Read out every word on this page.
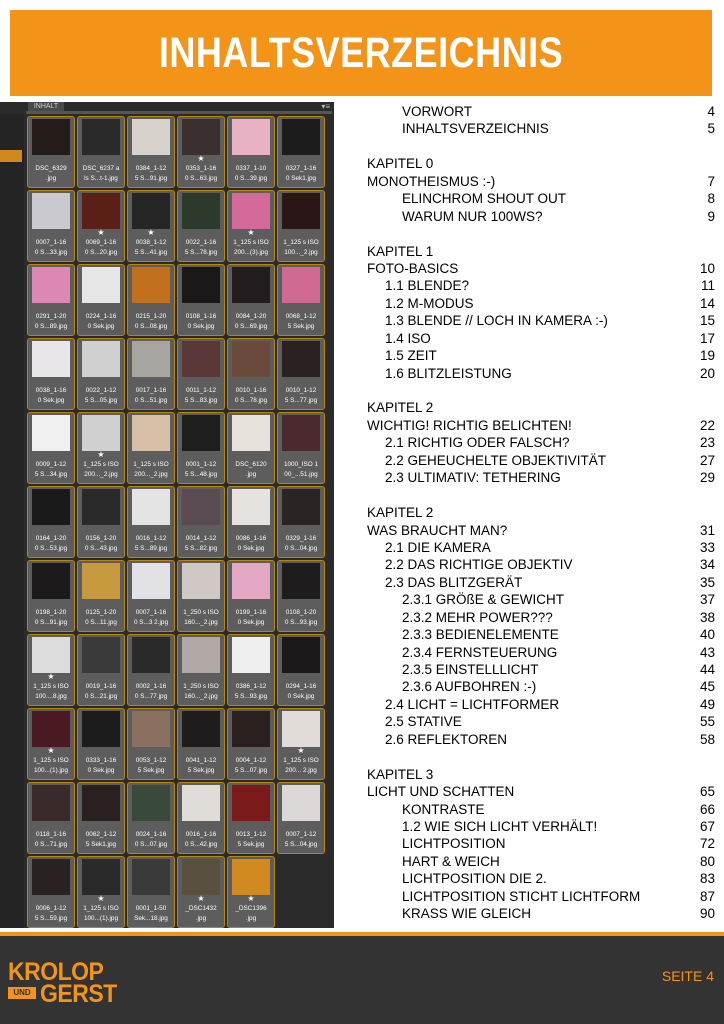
INHALTSVERZEICHNIS
INHALT	▾≡
DSC_6329
.jpg
DSC_6237 a
ls S...t-1.jpg
0384_1-12
5 S...91.jpg
★
0353_1-16
0 S...63.jpg
0337_1-10
0 S...39.jpg
0327_1-16
0 Sek1.jpg
0007_1-16
0 S...33.jpg
★
0069_1-16
0 S...20.jpg
★
0038_1-12
5 S...41.jpg
0022_1-16
5 S...78.jpg
★
1_125 s ISO
200...(3).jpg
1_125 s ISO
100..._2.jpg
0291_1-20
0 S...89.jpg
0224_1-16
0 Sek.jpg
0215_1-20
0 S...08.jpg
0108_1-16
0 Sek.jpg
0084_1-20
0 S...69.jpg
0068_1-12
5 Sek.jpg
0038_1-16
0 Sek.jpg
0022_1-12
5 S...05.jpg
0017_1-16
0 S...51.jpg
0011_1-12
5 S...83.jpg
0010_1-16
0 S...78.jpg
0010_1-12
5 S...77.jpg
0009_1-12
5 S...34.jpg
★
1_125 s ISO
200..._2.jpg
1_125 s ISO
200..._2.jpg
0001_1-12
5 S...48.jpg
DSC_6120
.jpg
1000_ISO 1
00_...51.jpg
0164_1-20
0 S...53.jpg
0156_1-20
0 S...43.jpg
0016_1-12
5 S...89.jpg
0014_1-12
5 S...82.jpg
0086_1-16
0 Sek.jpg
0329_1-16
0 S...04.jpg
0198_1-20
0 S...91.jpg
0125_1-20
0 S...11.jpg
0007_1-16
0 S...3 2.jpg
1_250 s ISO
160..._2.jpg
0199_1-16
0 Sek.jpg
0108_1-20
0 S...93.jpg
★
1_125 s ISO
100....8.jpg
0019_1-16
0 S...21.jpg
0002_1-16
0 S...77.jpg
1_250 s ISO
160..._2.jpg
0386_1-12
5 S...93.jpg
0294_1-16
0 Sek.jpg
★
1_125 s ISO
100...(1).jpg
0333_1-16
0 Sek.jpg
0053_1-12
5 Sek.jpg
0041_1-12
5 Sek.jpg
0004_1-12
5 S...07.jpg
★
1_125 s ISO
200... 2.jpg
0118_1-16
0 S...71.jpg
0062_1-12
5 Sek1.jpg
0024_1-16
0 S...07.jpg
0016_1-16
0 S...42.jpg
0013_1-12
5 Sek.jpg
0007_1-12
5 S...04.jpg
0006_1-12
5 S...59.jpg
★
1_125 s ISO
100...(1).jpg
0001_1-50
Sek...18.jpg
★
_DSC1432
.jpg
★
_DSC1396
.jpg
VORWORT	4
INHALTSVERZEICHNIS	5
KAPITEL 0
MONOTHEISMUS :-)	7
ELINCHROM SHOUT OUT	8
WARUM NUR 100WS?	9
KAPITEL 1
FOTO-BASICS	10
1.1 BLENDE?	11
1.2 M-MODUS	14
1.3 BLENDE // LOCH IN KAMERA :-)	15
1.4 ISO	17
1.5 ZEIT	19
1.6 BLITZLEISTUNG	20
KAPITEL 2
WICHTIG! RICHTIG BELICHTEN!	22
2.1 RICHTIG ODER FALSCH?	23
2.2 GEHEUCHELTE OBJEKTIVITÄT	27
2.3 ULTIMATIV: TETHERING	29
KAPITEL 2
WAS BRAUCHT MAN?	31
2.1 DIE KAMERA	33
2.2 DAS RICHTIGE OBJEKTIV	34
2.3 DAS BLITZGERÄT	35
2.3.1 GRÖßE & GEWICHT	37
2.3.2 MEHR POWER???	38
2.3.3 BEDIENELEMENTE	40
2.3.4 FERNSTEUERUNG	43
2.3.5 EINSTELLLICHT	44
2.3.6 AUFBOHREN :-)	45
2.4 LICHT = LICHTFORMER	49
2.5 STATIVE	55
2.6 REFLEKTOREN	58
KAPITEL 3
LICHT UND SCHATTEN	65
KONTRASTE	66
1.2 WIE SICH LICHT VERHÄLT!	67
LICHTPOSITION	72
HART & WEICH	80
LICHTPOSITION DIE 2.	83
LICHTPOSITION STICHT LICHTFORM	87
KRASS WIE GLEICH	90
KROLOP
UND GERST
SEITE 4
